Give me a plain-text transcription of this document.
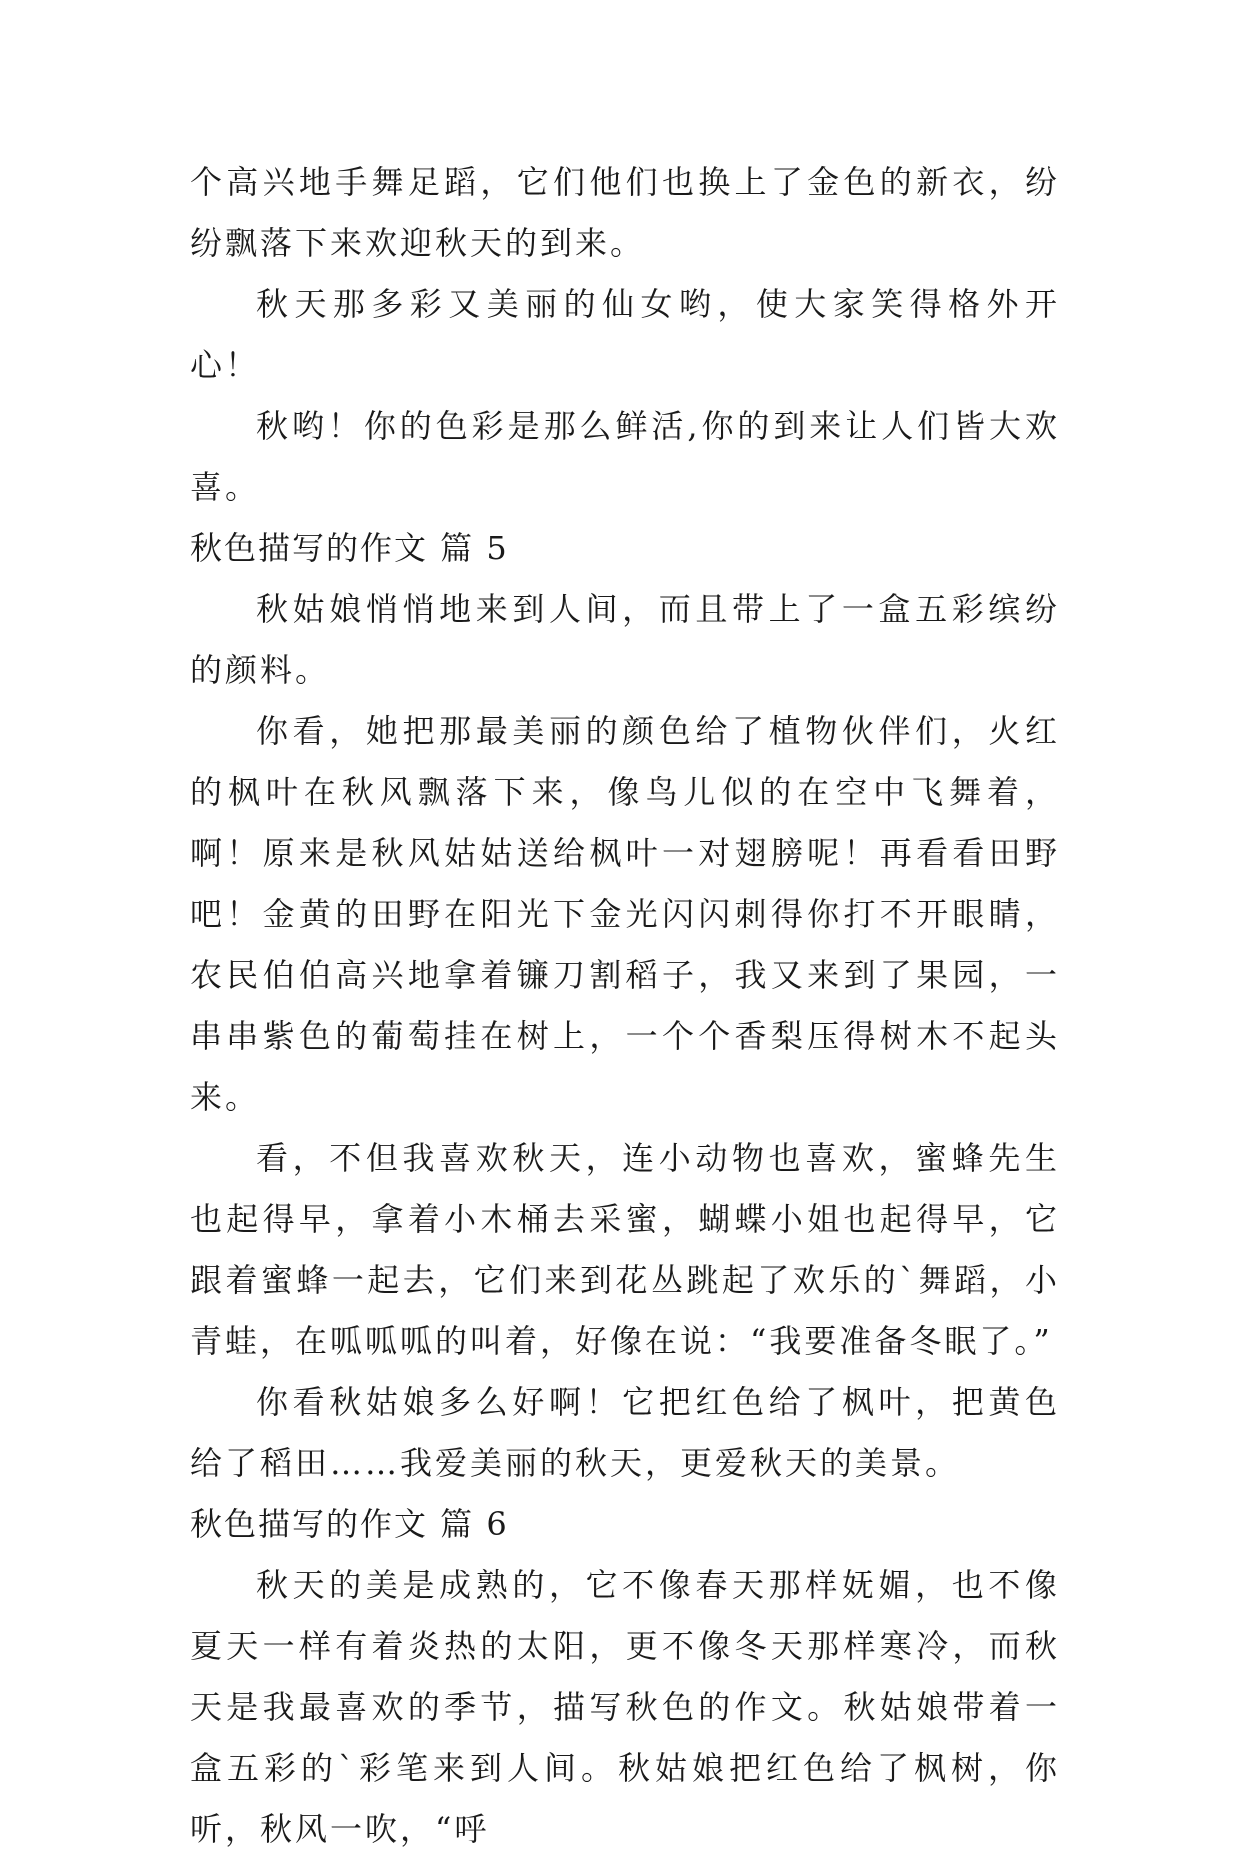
个高兴地手舞足蹈，它们他们也换上了金色的新衣，纷纷飘落下来欢迎秋天的到来。

秋天那多彩又美丽的仙女哟，使大家笑得格外开心！

秋哟！你的色彩是那么鲜活,你的到来让人们皆大欢喜。

秋色描写的作文 篇 5

秋姑娘悄悄地来到人间，而且带上了一盒五彩缤纷的颜料。

你看，她把那最美丽的颜色给了植物伙伴们，火红的枫叶在秋风飘落下来，像鸟儿似的在空中飞舞着，啊！原来是秋风姑姑送给枫叶一对翅膀呢！再看看田野吧！金黄的田野在阳光下金光闪闪刺得你打不开眼睛，农民伯伯高兴地拿着镰刀割稻子，我又来到了果园，一串串紫色的葡萄挂在树上，一个个香梨压得树木不起头来。

看，不但我喜欢秋天，连小动物也喜欢，蜜蜂先生也起得早，拿着小木桶去采蜜，蝴蝶小姐也起得早，它跟着蜜蜂一起去，它们来到花丛跳起了欢乐的`舞蹈，小青蛙，在呱呱呱的叫着，好像在说：“我要准备冬眠了。”

你看秋姑娘多么好啊！它把红色给了枫叶，把黄色给了稻田……我爱美丽的秋天，更爱秋天的美景。

秋色描写的作文 篇 6

秋天的美是成熟的，它不像春天那样妩媚，也不像夏天一样有着炎热的太阳，更不像冬天那样寒冷，而秋天是我最喜欢的季节，描写秋色的作文。秋姑娘带着一盒五彩的`彩笔来到人间。秋姑娘把红色给了枫树，你听，秋风一吹，“呼
